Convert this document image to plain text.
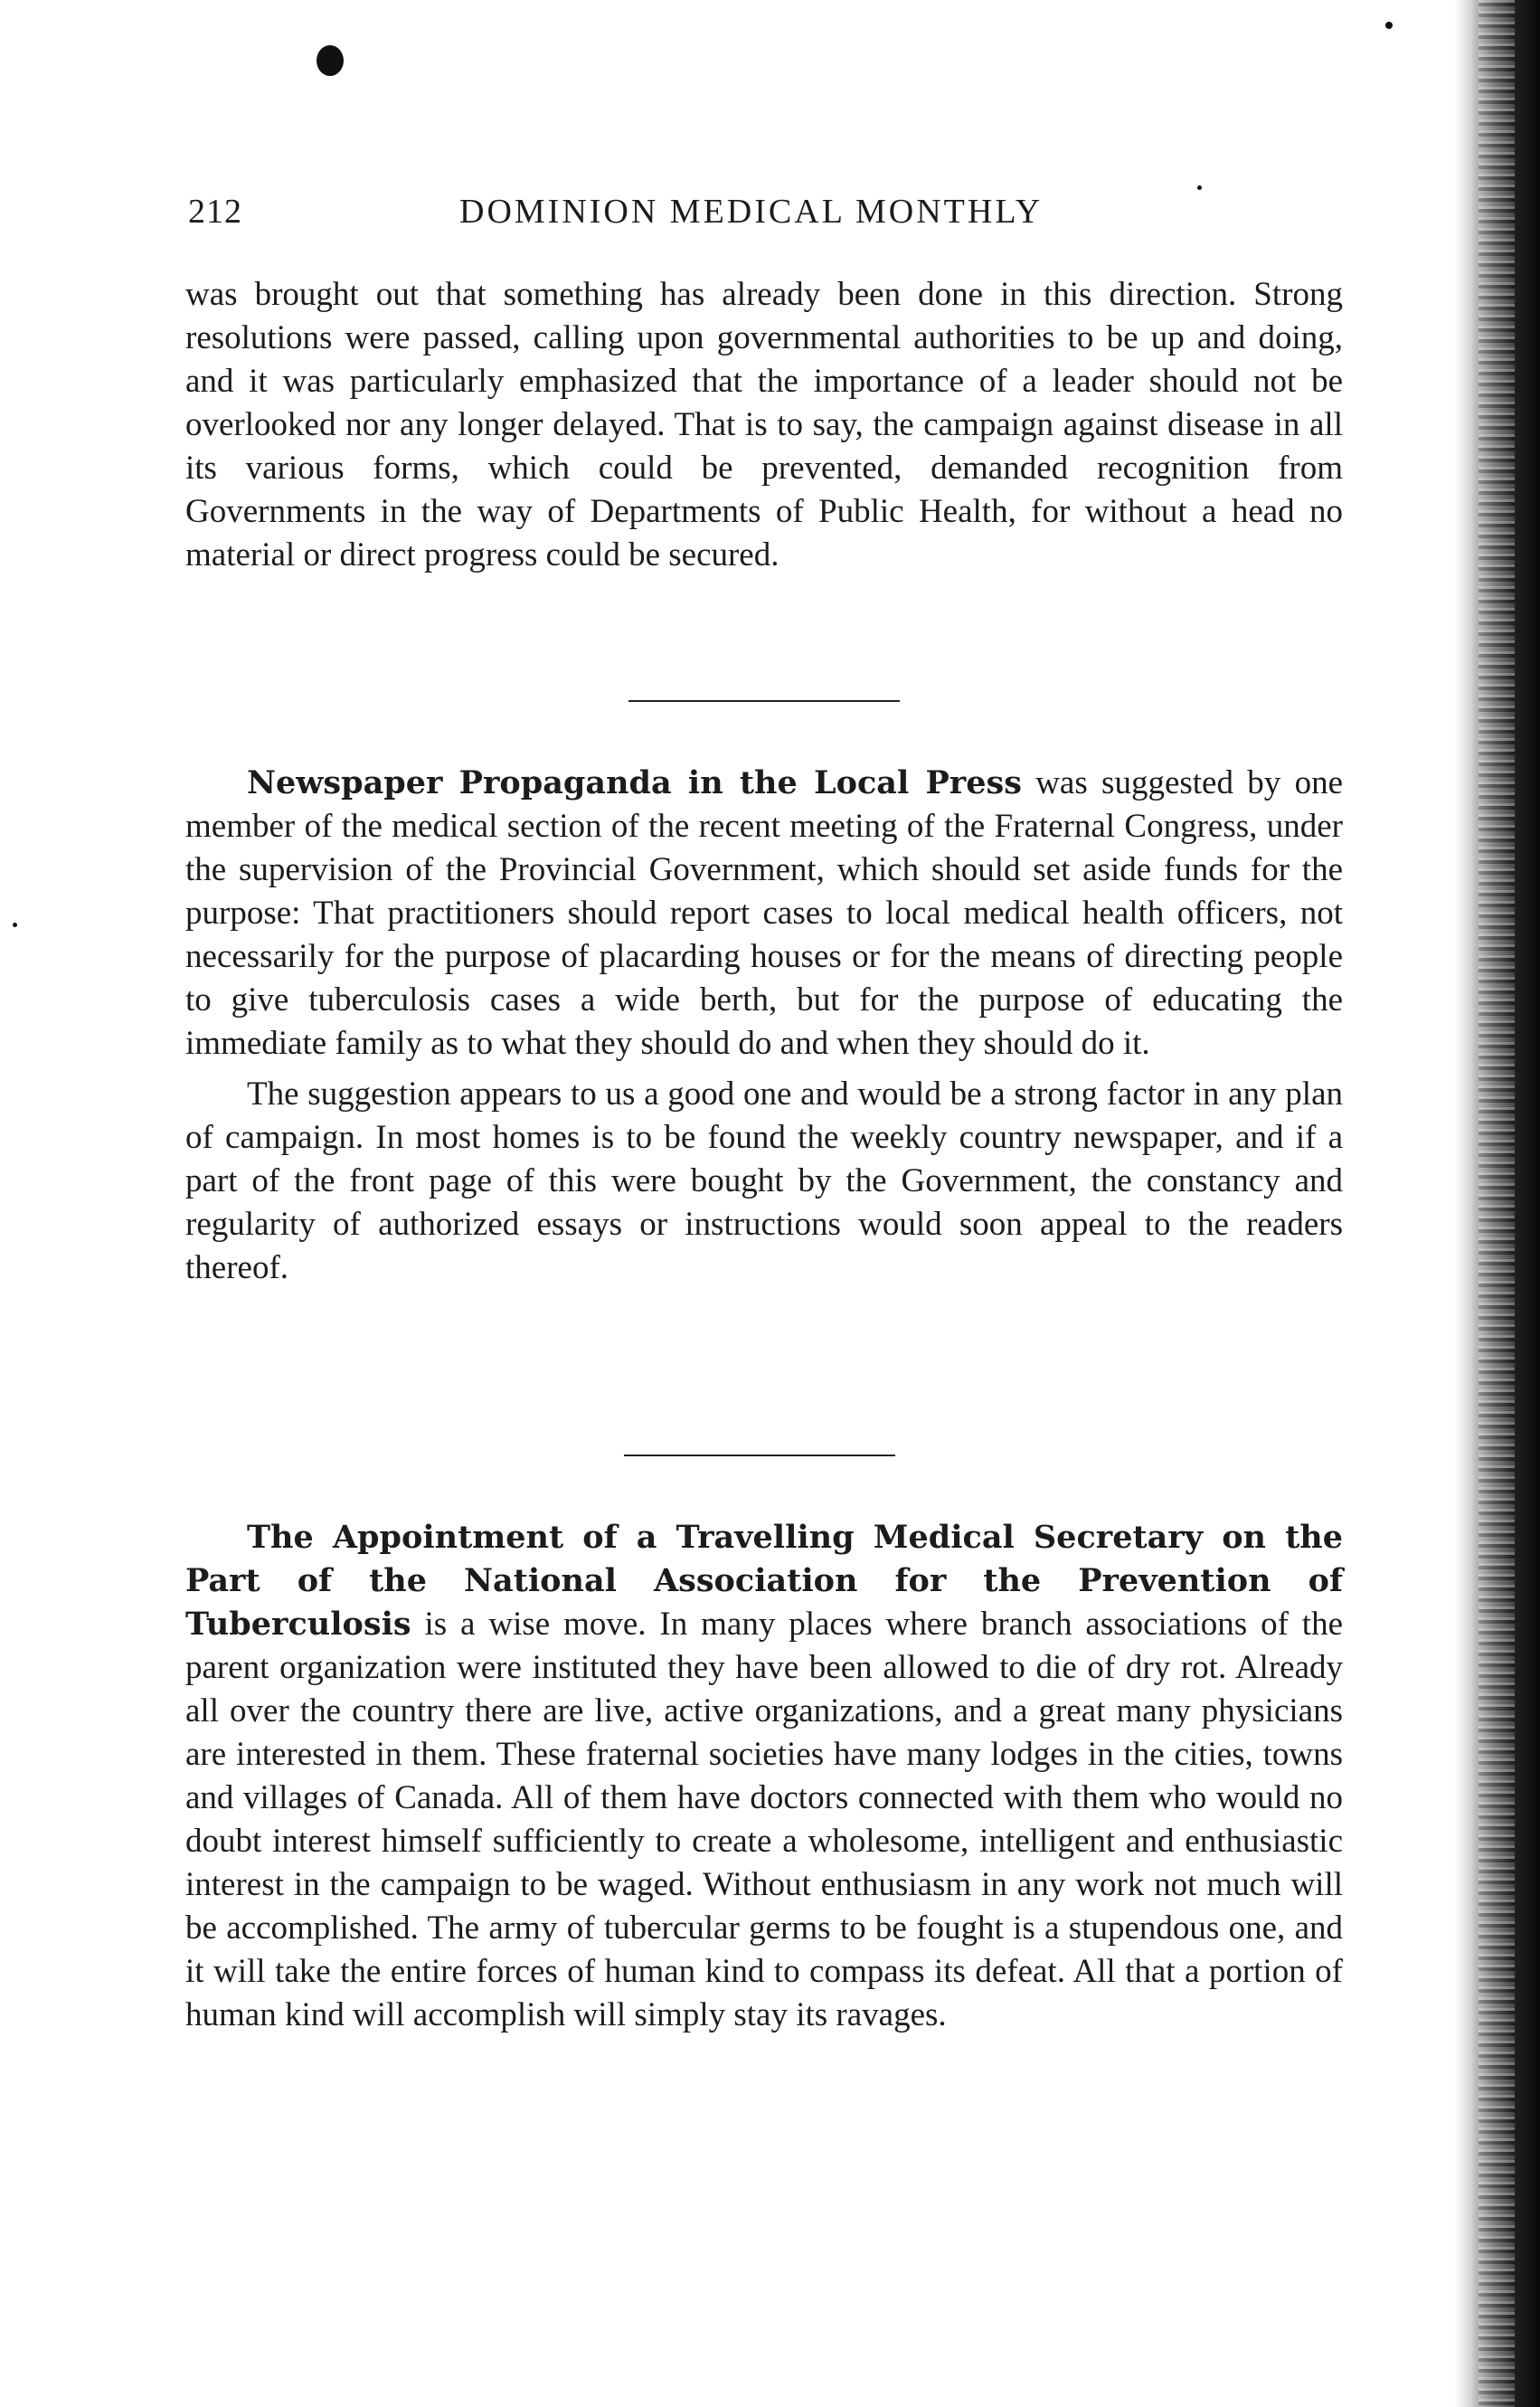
212	DOMINION MEDICAL MONTHLY

was brought out that something has already been done in this direction. Strong resolutions were passed, calling upon governmental authorities to be up and doing, and it was particularly emphasized that the importance of a leader should not be overlooked nor any longer delayed. That is to say, the campaign against disease in all its various forms, which could be prevented, demanded recognition from Governments in the way of Departments of Public Health, for without a head no material or direct progress could be secured.

Newspaper Propaganda in the Local Press was suggested by one member of the medical section of the recent meeting of the Fraternal Congress, under the supervision of the Provincial Government, which should set aside funds for the purpose: That practitioners should report cases to local medical health officers, not necessarily for the purpose of placarding houses or for the means of directing people to give tuberculosis cases a wide berth, but for the purpose of educating the immediate family as to what they should do and when they should do it.

The suggestion appears to us a good one and would be a strong factor in any plan of campaign. In most homes is to be found the weekly country newspaper, and if a part of the front page of this were bought by the Government, the constancy and regularity of authorized essays or instructions would soon appeal to the readers thereof.

The Appointment of a Travelling Medical Secretary on the Part of the National Association for the Prevention of Tuberculosis is a wise move. In many places where branch associations of the parent organization were instituted they have been allowed to die of dry rot. Already all over the country there are live, active organizations, and a great many physicians are interested in them. These fraternal societies have many lodges in the cities, towns and villages of Canada. All of them have doctors connected with them who would no doubt interest himself sufficiently to create a wholesome, intelligent and enthusiastic interest in the campaign to be waged. Without enthusiasm in any work not much will be accomplished. The army of tubercular germs to be fought is a stupendous one, and it will take the entire forces of human kind to compass its defeat. All that a portion of human kind will accomplish will simply stay its ravages.
